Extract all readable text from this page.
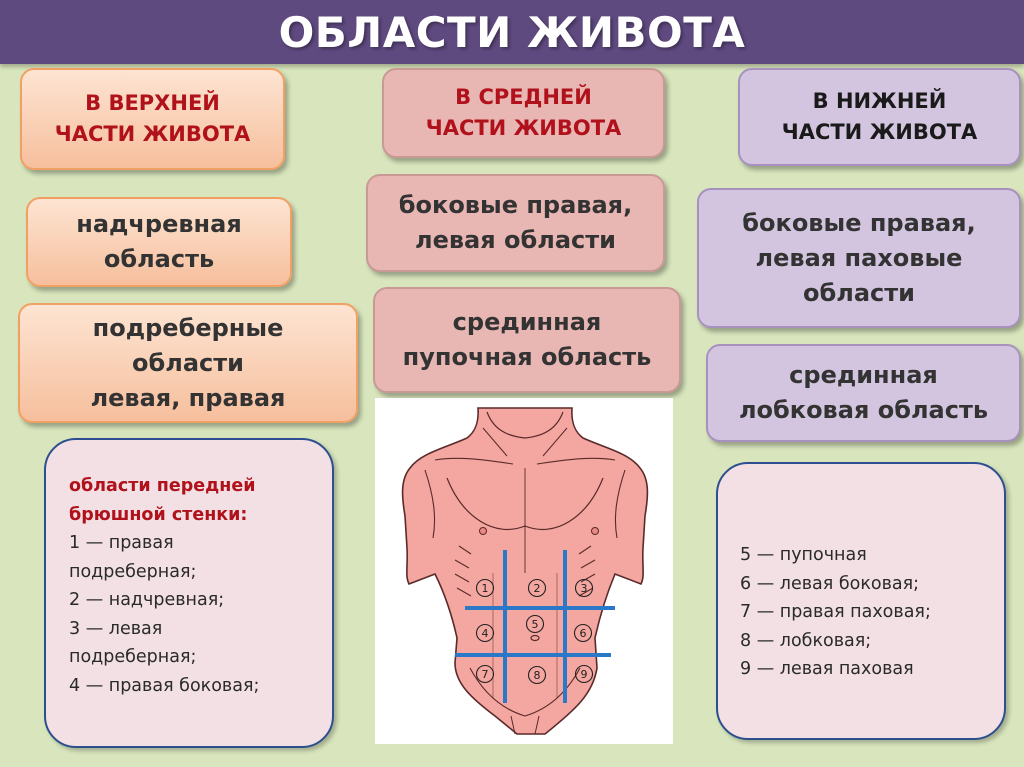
ОБЛАСТИ ЖИВОТА
В ВЕРХНЕЙ
ЧАСТИ ЖИВОТА
надчревная
область
подреберные
области
левая, правая
В СРЕДНЕЙ
ЧАСТИ ЖИВОТА
боковые правая,
левая области
срединная
пупочная область
В НИЖНЕЙ
ЧАСТИ ЖИВОТА
боковые правая,
левая паховые
области
срединная
лобковая область
области передней
брюшной стенки:
1 — правая
подреберная;
2 — надчревная;
3 — левая
подреберная;
4 — правая боковая;
5 — пупочная
6 — левая боковая;
7 — правая паховая;
8 — лобковая;
9 — левая паховая
1	2	3
4
5
6
7	8	9
